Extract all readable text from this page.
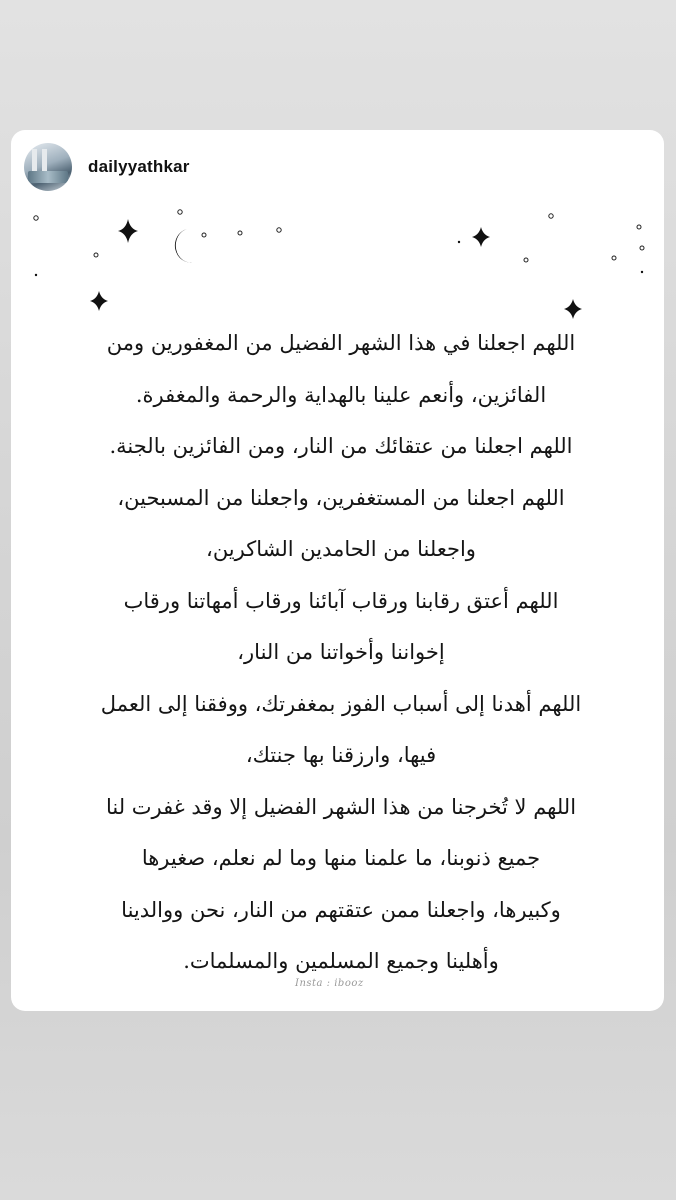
dailyyathkar
اللهم اجعلنا في هذا الشهر الفضيل من المغفورين ومن
الفائزين، وأنعم علينا بالهداية والرحمة والمغفرة.
اللهم اجعلنا من عتقائك من النار، ومن الفائزين بالجنة.
اللهم اجعلنا من المستغفرين، واجعلنا من المسبحين،
واجعلنا من الحامدين الشاكرين،
اللهم أعتق رقابنا ورقاب آبائنا ورقاب أمهاتنا ورقاب
إخواننا وأخواتنا من النار،
اللهم أهدنا إلى أسباب الفوز بمغفرتك، ووفقنا إلى العمل
فيها، وارزقنا بها جنتك،
اللهم لا تُخرجنا من هذا الشهر الفضيل إلا وقد غفرت لنا
جميع ذنوبنا، ما علمنا منها وما لم نعلم، صغيرها
وكبيرها، واجعلنا ممن عتقتهم من النار، نحن ووالدينا
وأهلينا وجميع المسلمين والمسلمات.
Insta : ibooz
